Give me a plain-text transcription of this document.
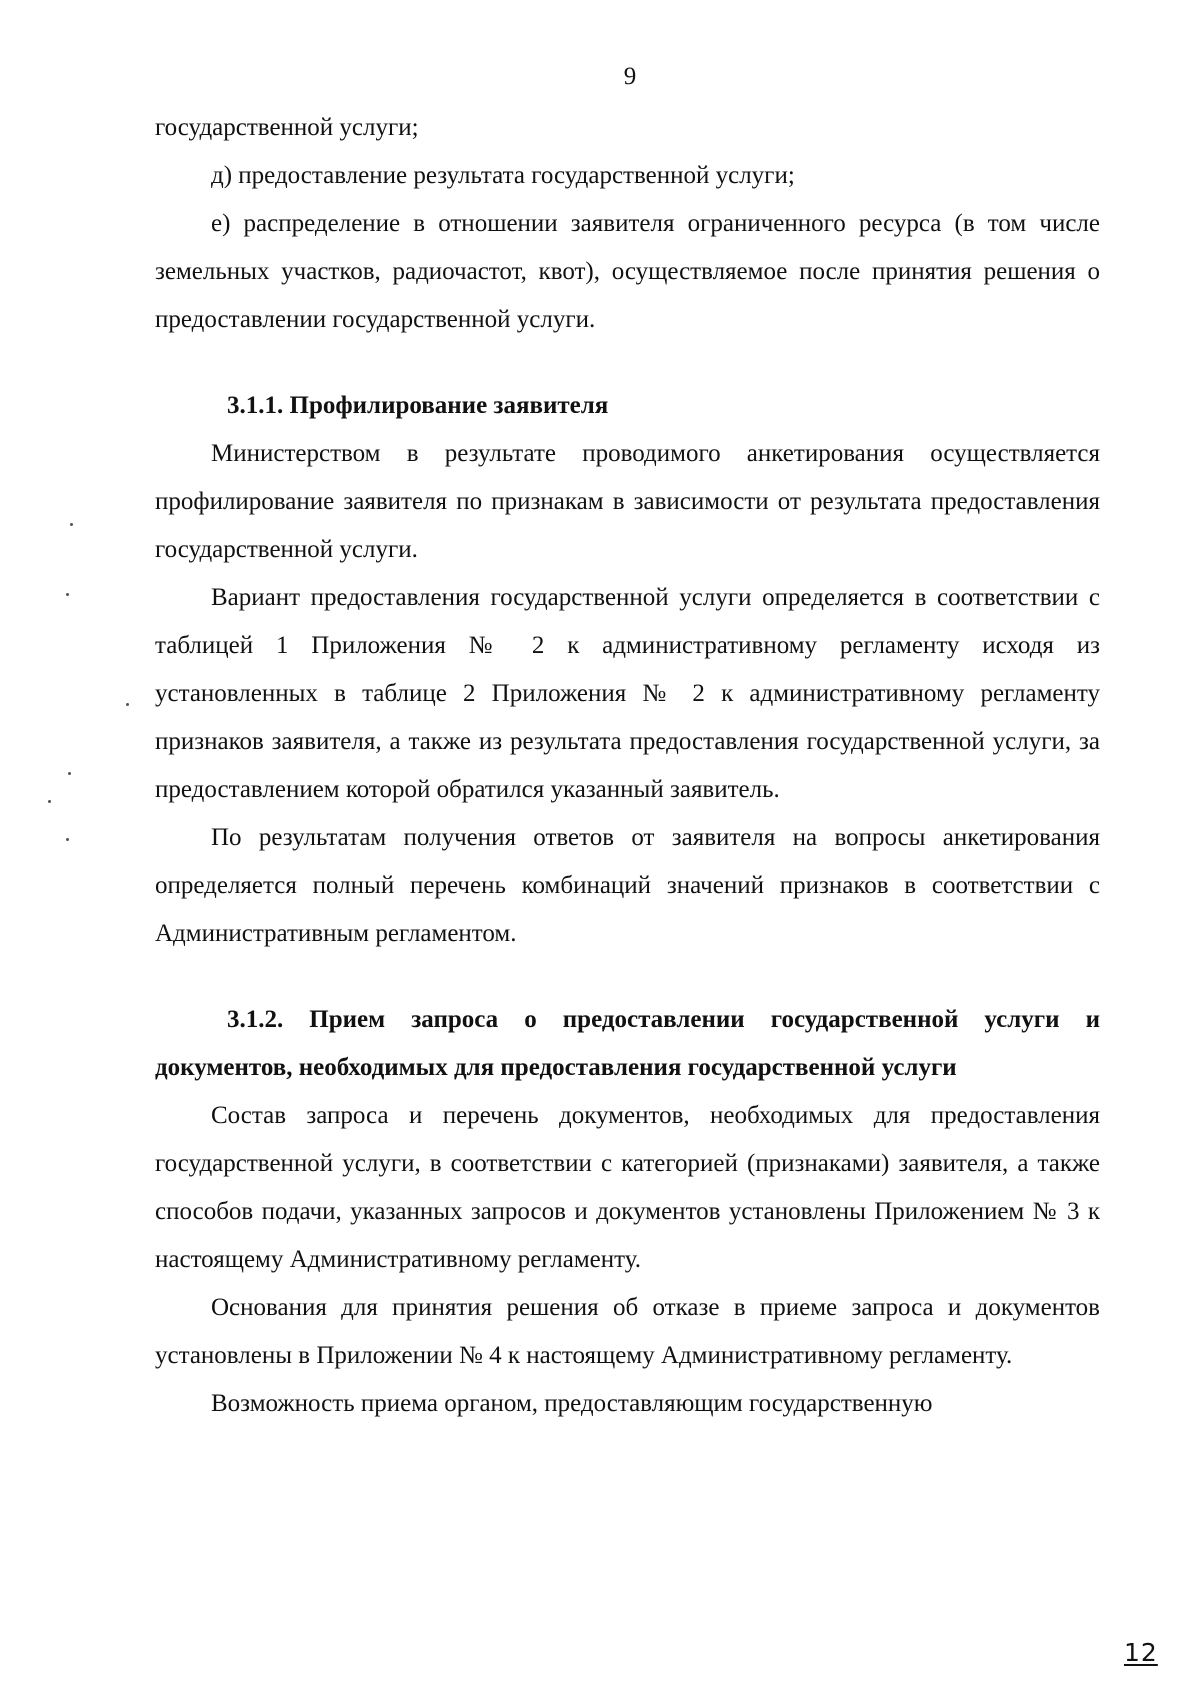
9

государственной услуги;

д) предоставление результата государственной услуги;

е) распределение в отношении заявителя ограниченного ресурса (в том числе земельных участков, радиочастот, квот), осуществляемое после принятия решения о предоставлении государственной услуги.

3.1.1. Профилирование заявителя

Министерством в результате проводимого анкетирования осуществляется профилирование заявителя по признакам в зависимости от результата предоставления государственной услуги.

Вариант предоставления государственной услуги определяется в соответствии с таблицей 1 Приложения № 2 к административному регламенту исходя из установленных в таблице 2 Приложения № 2 к административному регламенту признаков заявителя, а также из результата предоставления государственной услуги, за предоставлением которой обратился указанный заявитель.

По результатам получения ответов от заявителя на вопросы анкетирования определяется полный перечень комбинаций значений признаков в соответствии с Административным регламентом.

3.1.2. Прием запроса о предоставлении государственной услуги и документов, необходимых для предоставления государственной услуги

Состав запроса и перечень документов, необходимых для предоставления государственной услуги, в соответствии с категорией (признаками) заявителя, а также способов подачи, указанных запросов и документов установлены Приложением № 3 к настоящему Административному регламенту.

Основания для принятия решения об отказе в приеме запроса и документов установлены в Приложении № 4 к настоящему Административному регламенту.

Возможность приема органом, предоставляющим государственную

12
